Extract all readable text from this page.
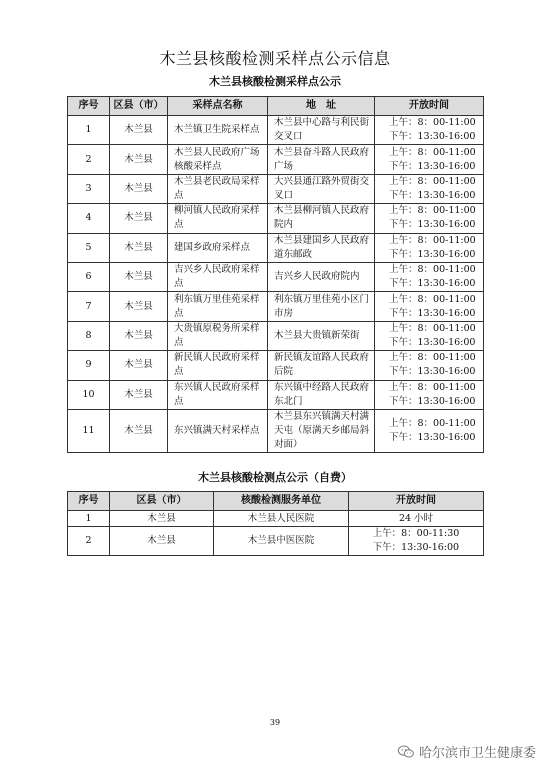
木兰县核酸检测采样点公示信息
木兰县核酸检测采样点公示
序号	区县（市）	采样点名称	地　址	开放时间
1	木兰县	木兰镇卫生院采样点	木兰县中心路与利民街交叉口	上午：8：00-11:00
下午：13:30-16:00

2	木兰县	木兰县人民政府广场核酸采样点	木兰县奋斗路人民政府广场	上午：8：00-11:00
下午：13:30-16:00

3	木兰县	木兰县老民政局采样点	大兴县通江路外贸街交叉口	上午：8：00-11:00
下午：13:30-16:00

4	木兰县	柳河镇人民政府采样点	木兰县柳河镇人民政府院内	上午：8：00-11:00
下午：13:30-16:00

5	木兰县	建国乡政府采样点	木兰县建国乡人民政府道东邮政	上午：8：00-11:00
下午：13:30-16:00

6	木兰县	吉兴乡人民政府采样点	吉兴乡人民政府院内	上午：8：00-11:00
下午：13:30-16:00

7	木兰县	利东镇万里佳苑采样点	利东镇万里佳苑小区门市房	上午：8：00-11:00
下午：13:30-16:00

8	木兰县	大贵镇原税务所采样点	木兰县大贵镇新荣街	上午：8：00-11:00
下午：13:30-16:00

9	木兰县	新民镇人民政府采样点	新民镇友谊路人民政府后院	上午：8：00-11:00
下午：13:30-16:00

10	木兰县	东兴镇人民政府采样点	东兴镇中经路人民政府东北门	上午：8：00-11:00
下午：13:30-16:00

11	木兰县	东兴镇满天村采样点	木兰县东兴镇满天村满天屯（原满天乡邮局斜对面）	上午：8：00-11:00
下午：13:30-16:00
木兰县核酸检测点公示（自费）
序号	区县（市）	核酸检测服务单位	开放时间
1	木兰县	木兰县人民医院	24 小时

2	木兰县	木兰县中医医院	上午：8：00-11:30
下午：13:30-16:00
39
哈尔滨市卫生健康委
